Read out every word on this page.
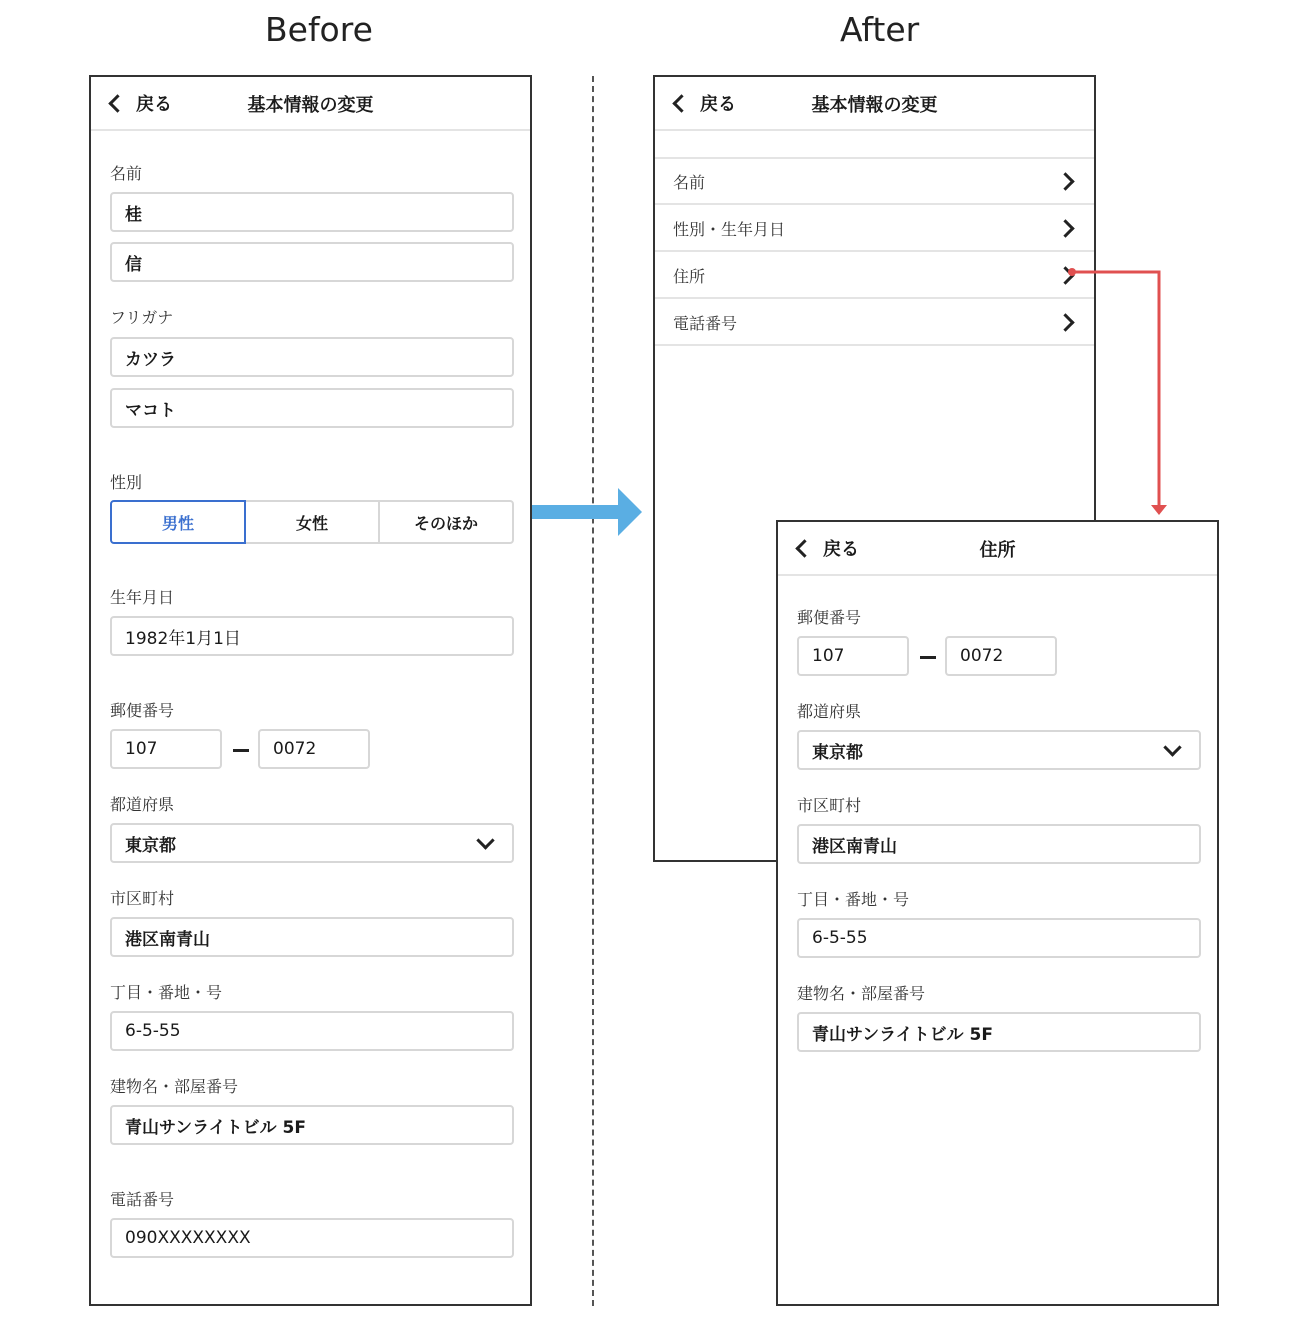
Before	After
戻る	基本情報の変更
名前
桂
信
フリガナ
カツラ
マコト
性別
男性	女性	そのほか
生年月日
1982年1月1日
郵便番号
107	0072
都道府県
東京都
市区町村
港区南青山
丁目・番地・号
6-5-55
建物名・部屋番号
青山サンライトビル 5F
電話番号
090XXXXXXXX
戻る	基本情報の変更
名前
性別・生年月日
住所
電話番号
戻る	住所
郵便番号
107	0072
都道府県
東京都
市区町村
港区南青山
丁目・番地・号
6-5-55
建物名・部屋番号
青山サンライトビル 5F
